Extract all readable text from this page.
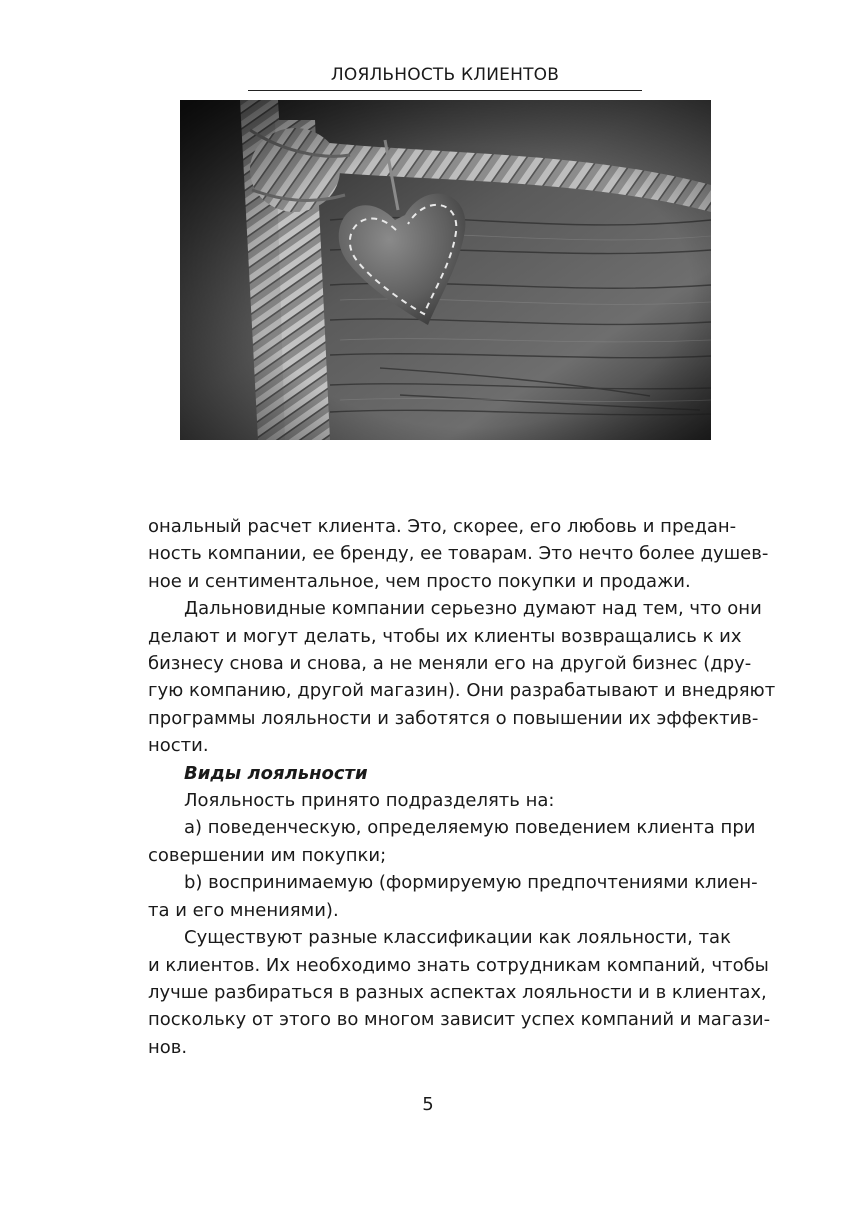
ЛОЯЛЬНОСТЬ КЛИЕНТОВ

ональный расчет клиента. Это, скорее, его любовь и предан-

ность компании, ее бренду, ее товарам. Это нечто более душев-

ное и сентиментальное, чем просто покупки и продажи.

Дальновидные компании серьезно думают над тем, что они

делают и могут делать, чтобы их клиенты возвращались к их

бизнесу снова и снова, а не меняли его на другой бизнес (дру-

гую компанию, другой магазин). Они разрабатывают и внедряют

программы лояльности и заботятся о повышении их эффектив-

ности.

Виды лояльности

Лояльность принято подразделять на:

а) поведенческую, определяемую поведением клиента при

совершении им покупки;

b) воспринимаемую (формируемую предпочтениями клиен-

та и его мнениями).

Существуют разные классификации как лояльности, так

и клиентов. Их необходимо знать сотрудникам компаний, чтобы

лучше разбираться в разных аспектах лояльности и в клиентах,

поскольку от этого во многом зависит успех компаний и магази-

нов.

5
